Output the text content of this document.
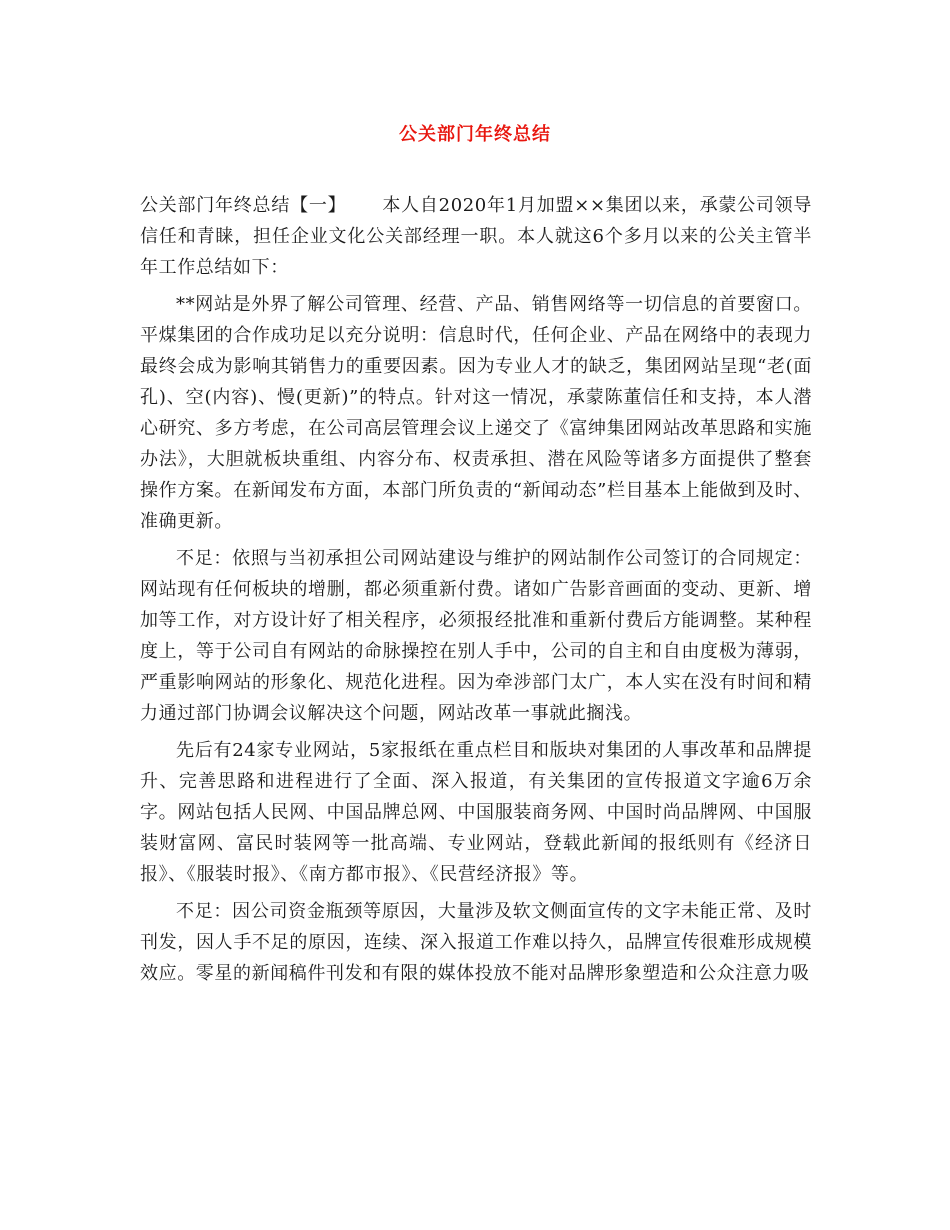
公关部门年终总结

公关部门年终总结【一】 本人自2020年1月加盟××集团以来，承蒙公司领导信任和青睐，担任企业文化公关部经理一职。本人就这6个多月以来的公关主管半年工作总结如下：

**网站是外界了解公司管理、经营、产品、销售网络等一切信息的首要窗口。平煤集团的合作成功足以充分说明：信息时代，任何企业、产品在网络中的表现力最终会成为影响其销售力的重要因素。因为专业人才的缺乏，集团网站呈现“老(面孔)、空(内容)、慢(更新)”的特点。针对这一情况，承蒙陈董信任和支持，本人潜心研究、多方考虑，在公司高层管理会议上递交了《富绅集团网站改革思路和实施办法》，大胆就板块重组、内容分布、权责承担、潜在风险等诸多方面提供了整套操作方案。在新闻发布方面，本部门所负责的“新闻动态”栏目基本上能做到及时、准确更新。

不足：依照与当初承担公司网站建设与维护的网站制作公司签订的合同规定：网站现有任何板块的增删，都必须重新付费。诸如广告影音画面的变动、更新、增加等工作，对方设计好了相关程序，必须报经批准和重新付费后方能调整。某种程度上，等于公司自有网站的命脉操控在别人手中，公司的自主和自由度极为薄弱，严重影响网站的形象化、规范化进程。因为牵涉部门太广，本人实在没有时间和精力通过部门协调会议解决这个问题，网站改革一事就此搁浅。

先后有24家专业网站，5家报纸在重点栏目和版块对集团的人事改革和品牌提升、完善思路和进程进行了全面、深入报道，有关集团的宣传报道文字逾6万余字。网站包括人民网、中国品牌总网、中国服装商务网、中国时尚品牌网、中国服装财富网、富民时装网等一批高端、专业网站，登载此新闻的报纸则有《经济日报》、《服装时报》、《南方都市报》、《民营经济报》等。

不足：因公司资金瓶颈等原因，大量涉及软文侧面宣传的文字未能正常、及时刊发，因人手不足的原因，连续、深入报道工作难以持久，品牌宣传很难形成规模效应。零星的新闻稿件刊发和有限的媒体投放不能对品牌形象塑造和公众注意力吸
